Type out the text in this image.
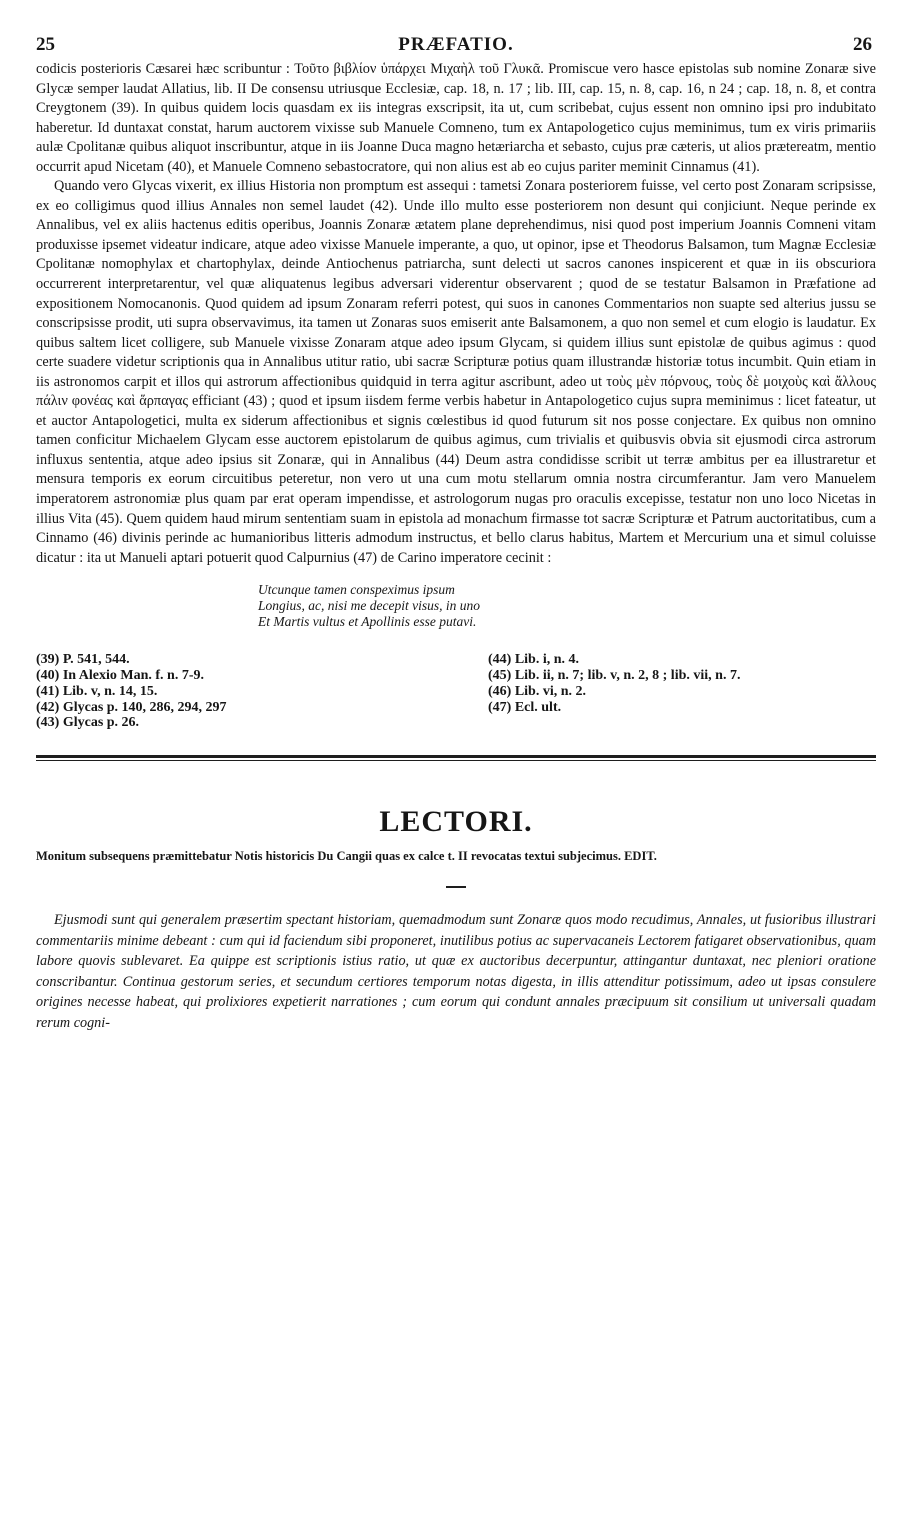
25	PRÆFATIO.	26

codicis posterioris Cæsarei hæc scribuntur : Τοῦτο βιβλίον ὑπάρχει Μιχαὴλ τοῦ Γλυκᾶ. Promiscue vero hasce epistolas sub nomine Zonaræ sive Glycæ semper laudat Allatius, lib. II De consensu utriusque Ecclesiæ, cap. 18, n. 17 ; lib. III, cap. 15, n. 8, cap. 16, n 24 ; cap. 18, n. 8, et contra Creygtonem (39). In quibus quidem locis quasdam ex iis integras exscripsit, ita ut, cum scribebat, cujus essent non omnino ipsi pro indubitato haberetur. Id duntaxat constat, harum auctorem vixisse sub Manuele Comneno, tum ex Antapologetico cujus meminimus, tum ex viris primariis aulæ Cpolitanæ quibus aliquot inscribuntur, atque in iis Joanne Duca magno hetæriarcha et sebasto, cujus præ cæteris, ut alios prætereatm, mentio occurrit apud Nicetam (40), et Manuele Comneno sebastocratore, qui non alius est ab eo cujus pariter meminit Cinnamus (41).

Quando vero Glycas vixerit, ex illius Historia non promptum est assequi : tametsi Zonara posteriorem fuisse, vel certo post Zonaram scripsisse, ex eo colligimus quod illius Annales non semel laudet (42). Unde illo multo esse posteriorem non desunt qui conjiciunt. Neque perinde ex Annalibus, vel ex aliis hactenus editis operibus, Joannis Zonaræ ætatem plane deprehendimus, nisi quod post imperium Joannis Comneni vitam produxisse ipsemet videatur indicare, atque adeo vixisse Manuele imperante, a quo, ut opinor, ipse et Theodorus Balsamon, tum Magnæ Ecclesiæ Cpolitanæ nomophylax et chartophylax, deinde Antiochenus patriarcha, sunt delecti ut sacros canones inspicerent et quæ in iis obscuriora occurrerent interpretarentur, vel quæ aliquatenus legibus adversari viderentur observarent ; quod de se testatur Balsamon in Præfatione ad expositionem Nomocanonis. Quod quidem ad ipsum Zonaram referri potest, qui suos in canones Commentarios non suapte sed alterius jussu se conscripsisse prodit, uti supra observavimus, ita tamen ut Zonaras suos emiserit ante Balsamonem, a quo non semel et cum elogio is laudatur. Ex quibus saltem licet colligere, sub Manuele vixisse Zonaram atque adeo ipsum Glycam, si quidem illius sunt epistolæ de quibus agimus : quod certe suadere videtur scriptionis qua in Annalibus utitur ratio, ubi sacræ Scripturæ potius quam illustrandæ historiæ totus incumbit. Quin etiam in iis astronomos carpit et illos qui astrorum affectionibus quidquid in terra agitur ascribunt, adeo ut τοὺς μὲν πόρνους, τοὺς δὲ μοιχοὺς καὶ ἄλλους πάλιν φονέας καὶ ἅρπαγας efficiant (43) ; quod et ipsum iisdem ferme verbis habetur in Antapologetico cujus supra meminimus : licet fateatur, ut et auctor Antapologetici, multa ex siderum affectionibus et signis cœlestibus id quod futurum sit nos posse conjectare. Ex quibus non omnino tamen conficitur Michaelem Glycam esse auctorem epistolarum de quibus agimus, cum trivialis et quibusvis obvia sit ejusmodi circa astrorum influxus sententia, atque adeo ipsius sit Zonaræ, qui in Annalibus (44) Deum astra condidisse scribit ut terræ ambitus per ea illustraretur et mensura temporis ex eorum circuitibus peteretur, non vero ut una cum motu stellarum omnia nostra circumferantur. Jam vero Manuelem imperatorem astronomiæ plus quam par erat operam impendisse, et astrologorum nugas pro oraculis excepisse, testatur non uno loco Nicetas in illius Vita (45). Quem quidem haud mirum sententiam suam in epistola ad monachum firmasse tot sacræ Scripturæ et Patrum auctoritatibus, cum a Cinnamo (46) divinis perinde ac humanioribus litteris admodum instructus, et bello clarus habitus, Martem et Mercurium una et simul coluisse dicatur : ita ut Manueli aptari potuerit quod Calpurnius (47) de Carino imperatore cecinit :

Utcunque tamen conspeximus ipsum
Longius, ac, nisi me decepit visus, in uno
Et Martis vultus et Apollinis esse putavi.
(39) P. 541, 544.
(40) In Alexio Man. f. n. 7-9.
(41) Lib. v, n. 14, 15.
(42) Glycas p. 140, 286, 294, 297
(43) Glycas p. 26.
(44) Lib. i, n. 4.
(45) Lib. ii, n. 7; lib. v, n. 2, 8 ; lib. vii, n. 7.
(46) Lib. vi, n. 2.
(47) Ecl. ult.
LECTORI.
Monitum subsequens præmittebatur Notis historicis Du Cangii quas ex calce t. II revocatas textui subjecimus. EDIT.

Ejusmodi sunt qui generalem præsertim spectant historiam, quemadmodum sunt Zonaræ quos modo recudimus, Annales, ut fusioribus illustrari commentariis minime debeant : cum qui id faciendum sibi proponeret, inutilibus potius ac supervacaneis Lectorem fatigaret observationibus, quam labore quovis sublevaret. Ea quippe est scriptionis istius ratio, ut quæ ex auctoribus decerpuntur, attingantur duntaxat, nec pleniori oratione conscribantur. Continua gestorum series, et secundum certiores temporum notas digesta, in illis attenditur potissimum, adeo ut ipsas consulere origines necesse habeat, qui prolixiores expetierit narrationes ; cum eorum qui condunt annales præcipuum sit consilium ut universali quadam rerum cogni-
